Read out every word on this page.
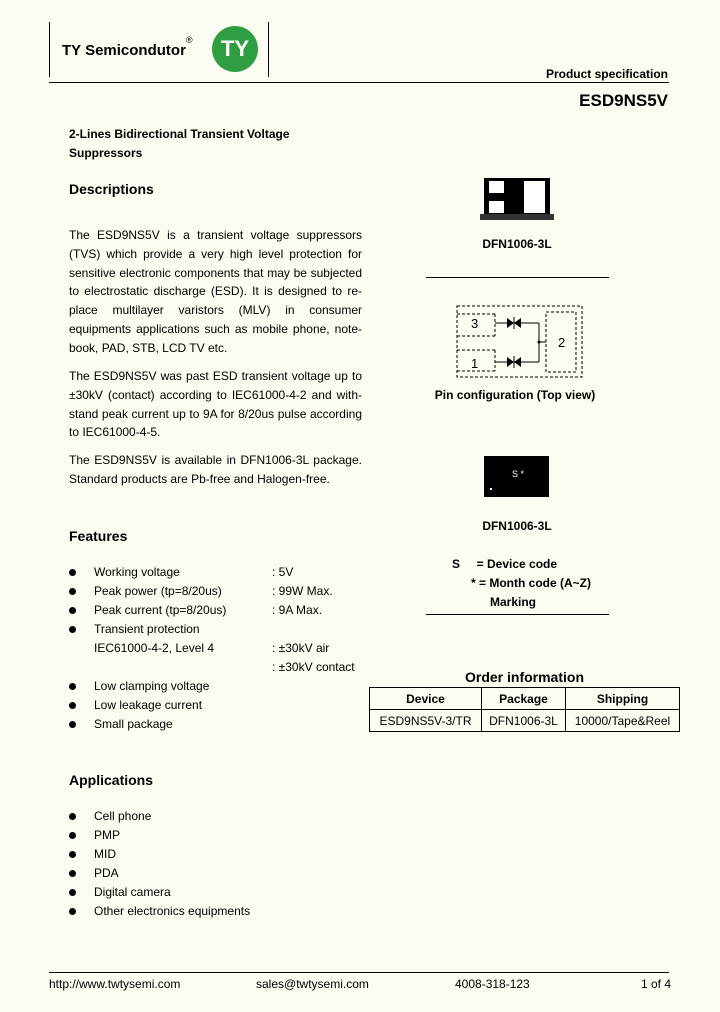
TY Semicondutor® TY
Product specification
ESD9NS5V
2-Lines Bidirectional Transient Voltage
Suppressors
Descriptions
The ESD9NS5V is a transient voltage suppressors (TVS) which provide a very high level protection for sensitive electronic components that may be subjected to electrostatic discharge (ESD). It is designed to re-place multilayer varistors (MLV) in consumer equipments applications such as mobile phone, note-book, PAD, STB, LCD TV etc.
The ESD9NS5V was past ESD transient voltage up to ±30kV (contact) according to IEC61000-4-2 and with-stand peak current up to 9A for 8/20us pulse according to IEC61000-4-5.
The ESD9NS5V is available in DFN1006-3L package. Standard products are Pb-free and Halogen-free.
Features
Working voltage	: 5V
Peak power (tp=8/20us)	: 99W Max.
Peak current (tp=8/20us)	: 9A Max.
Transient protection
IEC61000-4-2, Level 4	: ±30kV air
: ±30kV contact
Low clamping voltage
Low leakage current
Small package
Applications
Cell phone
PMP
MID
PDA
Digital camera
Other electronics equipments
DFN1006-3L
3
1
2
Pin configuration (Top view)
S *
DFN1006-3L
S     = Device code
* = Month code (A~Z)
Marking
Order information
Device	Package	Shipping
ESD9NS5V-3/TR	DFN1006-3L	10000/Tape&Reel
http://www.twtysemi.com	sales@twtysemi.com	4008-318-123	1 of 4
